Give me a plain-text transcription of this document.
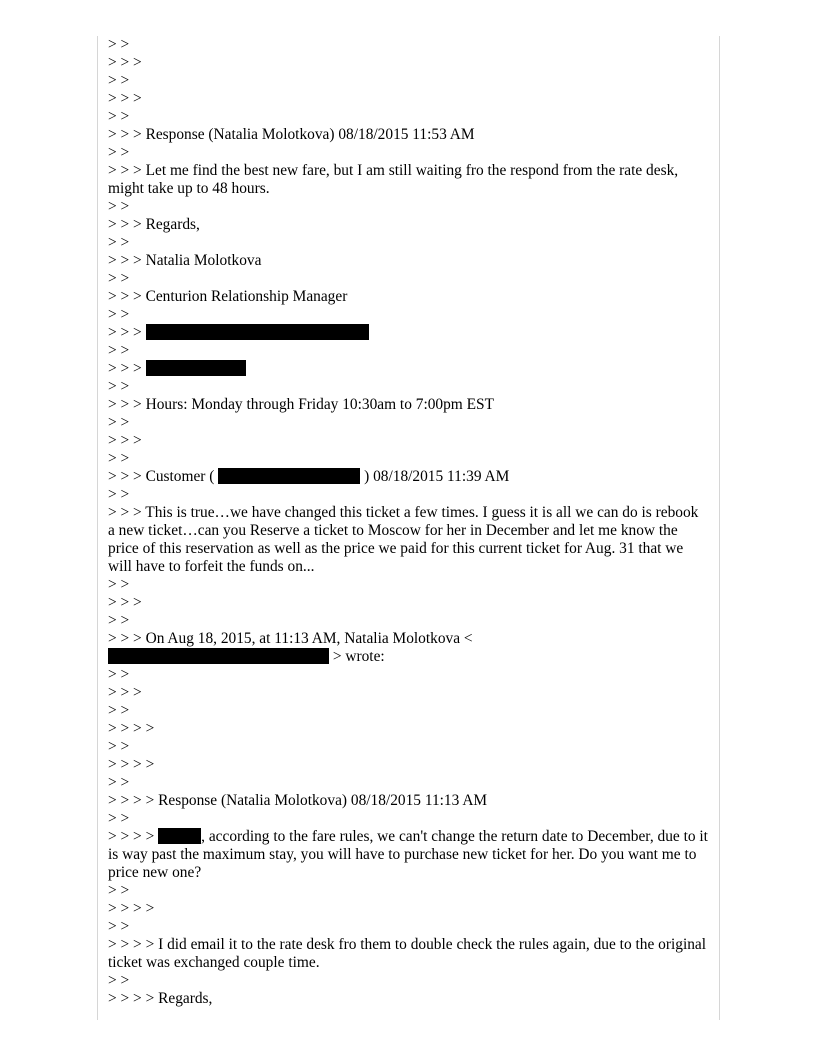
> >
> > >
> >
> > >
> >
> > > Response (Natalia Molotkova) 08/18/2015 11:53 AM
> >
> > > Let me find the best new fare, but I am still waiting fro the respond from the rate desk, might take up to 48 hours.
> >
> > > Regards,
> >
> > > Natalia Molotkova
> >
> > > Centurion Relationship Manager
> >
> > >
> >
> > >
> >
> > > Hours: Monday through Friday 10:30am to 7:00pm EST
> >
> > >
> >
> > > Customer (	) 08/18/2015 11:39 AM
> >
> > > This is true…we have changed this ticket a few times. I guess it is all we can do is rebook a new ticket…can you Reserve a ticket to Moscow for her in December and let me know the price of this reservation as well as the price we paid for this current ticket for Aug. 31 that we will have to forfeit the funds on...
> >
> > >
> >
> > > On Aug 18, 2015, at 11:13 AM, Natalia Molotkova <
> wrote:
> >
> > >
> >
> > > >
> >
> > > >
> >
> > > > Response (Natalia Molotkova) 08/18/2015 11:13 AM
> >
> > > >	, according to the fare rules, we can't change the return date to December, due to it is way past the maximum stay, you will have to purchase new ticket for her. Do you want me to price new one?
> >
> > > >
> >
> > > > I did email it to the rate desk fro them to double check the rules again, due to the original ticket was exchanged couple time.
> >
> > > > Regards,
